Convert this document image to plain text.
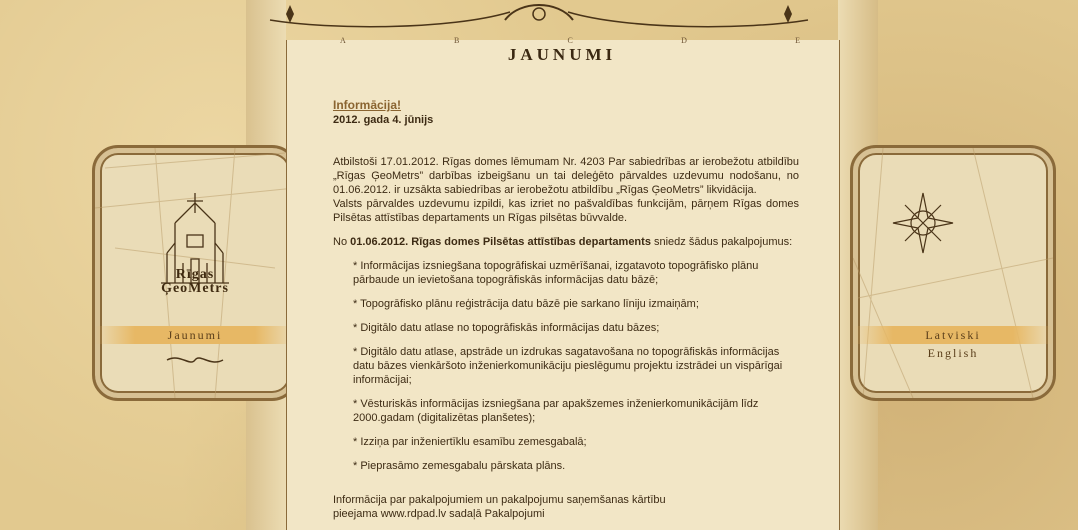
Rīgas
ĢeoMetrs
Jaunumi	Latviski
English
A	B	C	D	E
JAUNUMI
Informācija!
2012. gada 4. jūnijs

Atbilstoši 17.01.2012. Rīgas domes lēmumam Nr. 4203 Par sabiedrības ar ierobežotu atbildību „Rīgas ĢeoMetrs” darbības izbeigšanu un tai deleģēto pārvaldes uzdevumu nodošanu, no 01.06.2012. ir uzsākta sabiedrības ar ierobežotu atbildību „Rīgas ĢeoMetrs” likvidācija.

Valsts pārvaldes uzdevumu izpildi, kas izriet no pašvaldības funkcijām, pārņem Rīgas domes Pilsētas attīstības departaments un Rīgas pilsētas būvvalde.

No 01.06.2012. Rīgas domes Pilsētas attīstības departaments sniedz šādus pakalpojumus:

* Informācijas izsniegšana topogrāfiskai uzmērīšanai, izgatavoto topogrāfisko plānu pārbaude un ievietošana topogrāfiskās informācijas datu bāzē;
* Topogrāfisko plānu reģistrācija datu bāzē pie sarkano līniju izmaiņām;
* Digitālo datu atlase no topogrāfiskās informācijas datu bāzes;
* Digitālo datu atlase, apstrāde un izdrukas sagatavošana no topogrāfiskās informācijas datu bāzes vienkāršoto inženierkomunikāciju pieslēgumu projektu izstrādei un vispārīgai informācijai;
* Vēsturiskās informācijas izsniegšana par apakšzemes inženierkomunikācijām līdz 2000.gadam (digitalizētas planšetes);
* Izziņa par inženiertīklu esamību zemesgabalā;
* Pieprasāmo zemesgabalu pārskata plāns.

Informācija par pakalpojumiem un pakalpojumu saņemšanas kārtību

pieejama www.rdpad.lv sadaļā Pakalpojumi
